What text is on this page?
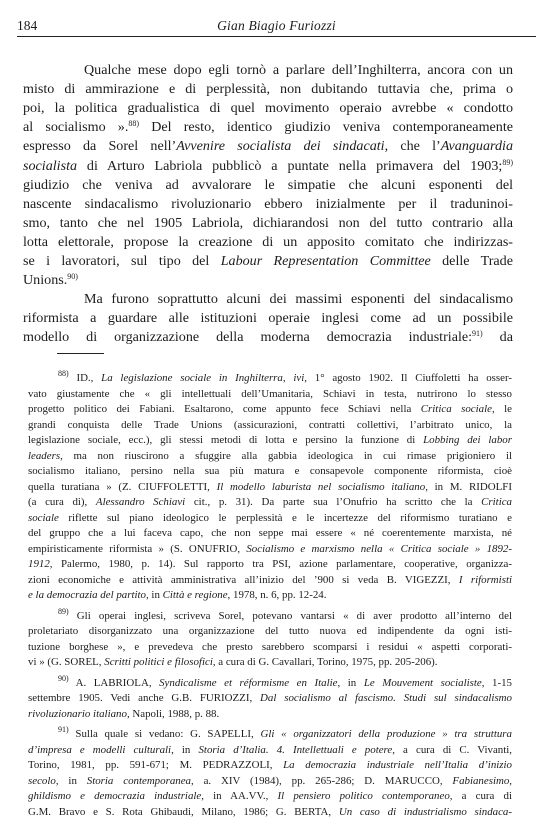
184	Gian Biagio Furiozzi
Qualche mese dopo egli tornò a parlare dell’Inghilterra, ancora con un
misto di ammirazione e di perplessità, non dubitando tuttavia che, prima o
poi, la politica gradualistica di quel movimento operaio avrebbe « condotto
al socialismo ».$^{88)}$ Del resto, identico giudizio veniva contemporaneamente
espresso da Sorel nell’Avvenire socialista dei sindacati, che l’Avanguardia
socialista di Arturo Labriola pubblicò a puntate nella primavera del 1903;$^{89)}$
giudizio che veniva ad avvalorare le simpatie che alcuni esponenti del
nascente sindacalismo rivoluzionario ebbero inizialmente per il traduninoi-
smo, tanto che nel 1905 Labriola, dichiarandosi non del tutto contrario alla
lotta elettorale, propose la creazione di un apposito comitato che indirizzas-
se i lavoratori, sul tipo del Labour Representation Committee delle Trade
Unions.$^{90)}$
Ma furono soprattutto alcuni dei massimi esponenti del sindacalismo
riformista a guardare alle istituzioni operaie inglesi come ad un possibile
modello di organizzazione della moderna democrazia industriale:$^{91)}$ da
$^{88)}$ ID., La legislazione sociale in Inghilterra, ivi, 1° agosto 1902. Il Ciuffoletti ha osser-
vato giustamente che « gli intellettuali dell’Umanitaria, Schiavi in testa, nutrirono lo stesso
progetto politico dei Fabiani. Esaltarono, come appunto fece Schiavi nella Critica sociale, le
grandi conquista delle Trade Unions (assicurazioni, contratti collettivi, l’arbitrato unico, la
legislazione sociale, ecc.), gli stessi metodi di lotta e persino la funzione di Lobbing dei labor
leaders, ma non riuscirono a sfuggire alla gabbia ideologica in cui rimase prigioniero il
socialismo italiano, persino nella sua più matura e consapevole componente riformista, cioè
quella turatiana » (Z. CIUFFOLETTI, Il modello laburista nel socialismo italiano, in M. RIDOLFI
(a cura di), Alessandro Schiavi cit., p. 31). Da parte sua l’Onufrio ha scritto che la Critica
sociale riflette sul piano ideologico le perplessità e le incertezze del riformismo turatiano e
del gruppo che a lui faceva capo, che non seppe mai essere « né coerentemente marxista, né
empiristicamente riformista » (S. ONUFRIO, Socialismo e marxismo nella « Critica sociale » 1892-
1912, Palermo, 1980, p. 14). Sul rapporto tra PSI, azione parlamentare, cooperative, organizza-
zioni economiche e attività amministrativa all’inizio del ’900 si veda B. VIGEZZI, I riformisti
e la democrazia del partito, in Città e regione, 1978, n. 6, pp. 12-24.
$^{89)}$ Gli operai inglesi, scriveva Sorel, potevano vantarsi « di aver prodotto all’interno del
proletariato disorganizzato una organizzazione del tutto nuova ed indipendente da ogni isti-
tuzione borghese », e prevedeva che presto sarebbero scomparsi i residui « aspetti corporati-
vi » (G. SOREL, Scritti politici e filosofici, a cura di G. Cavallari, Torino, 1975, pp. 205-206).
$^{90)}$ A. LABRIOLA, Syndicalisme et réformisme en Italie, in Le Mouvement socialiste, 1-15
settembre 1905. Vedi anche G.B. FURIOZZI, Dal socialismo al fascismo. Studi sul sindacalismo
rivoluzionario italiano, Napoli, 1988, p. 88.
$^{91)}$ Sulla quale si vedano: G. SAPELLI, Gli « organizzatori della produzione » tra struttura
d’impresa e modelli culturali, in Storia d’Italia. 4. Intellettuali e potere, a cura di C. Vivanti,
Torino, 1981, pp. 591-671; M. PEDRAZZOLI, La democrazia industriale nell’Italia d’inizio
secolo, in Storia contemporanea, a. XIV (1984), pp. 265-286; D. MARUCCO, Fabianesimo,
ghildismo e democrazia industriale, in AA.VV., Il pensiero politico contemporaneo, a cura di
G.M. Bravo e S. Rota Ghibaudi, Milano, 1986; G. BERTA, Un caso di industrialismo sindaca-
